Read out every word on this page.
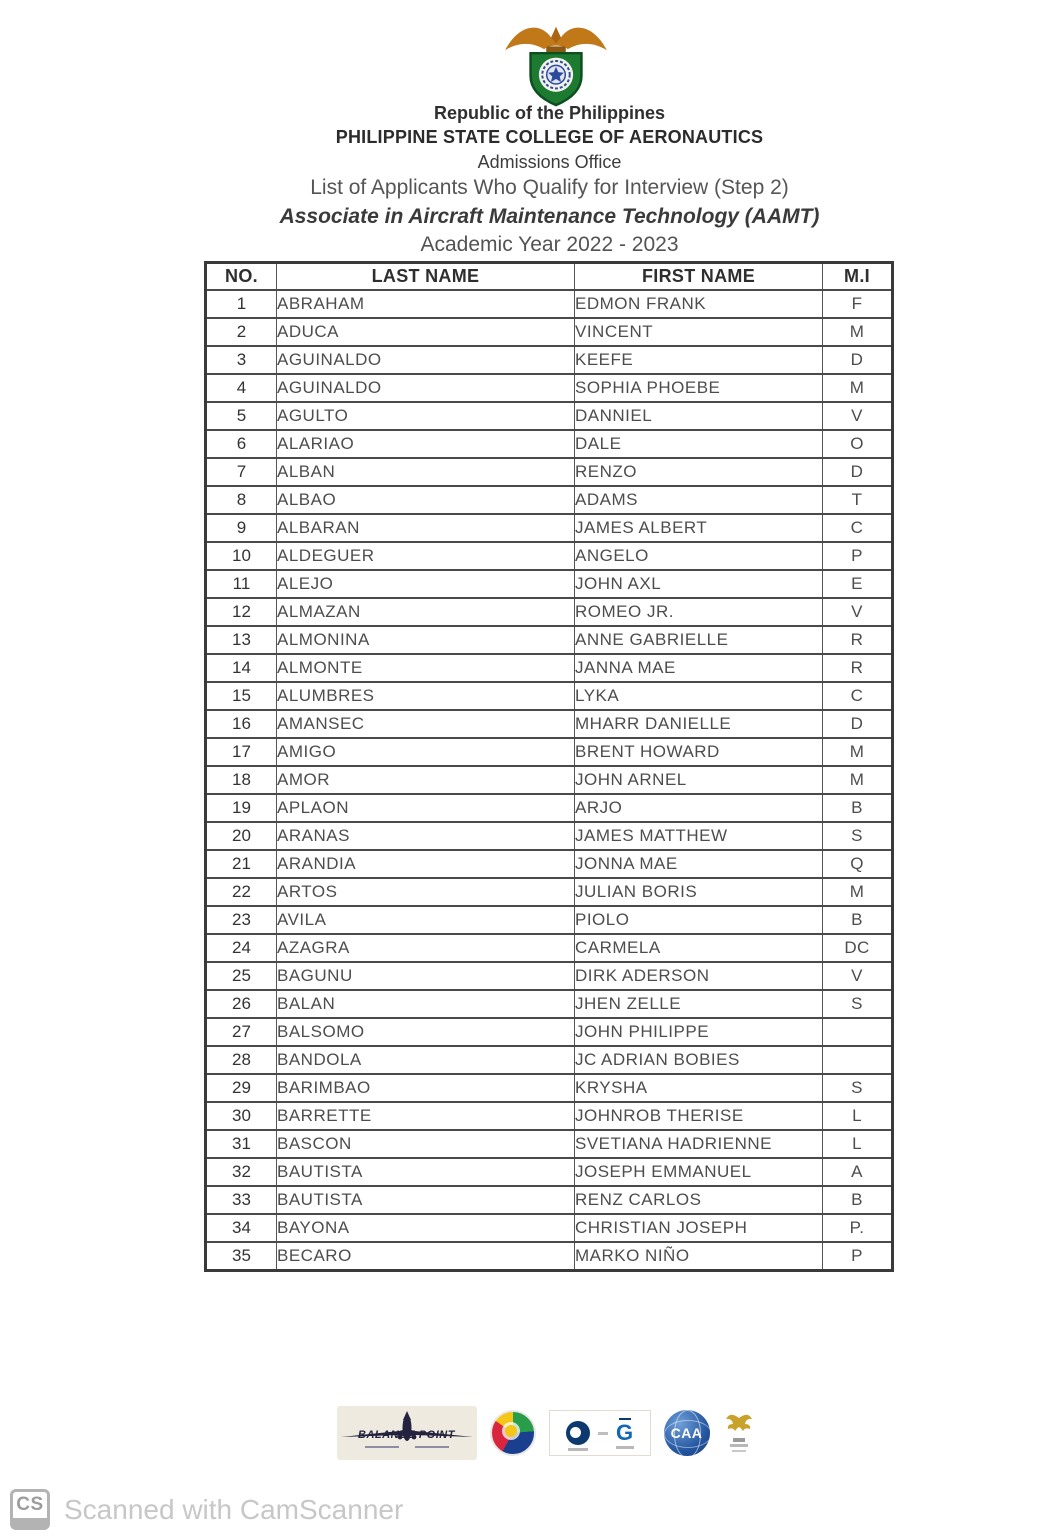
Republic of the Philippines
PHILIPPINE STATE COLLEGE OF AERONAUTICS
Admissions Office
List of Applicants Who Qualify for Interview (Step 2)
Associate in Aircraft Maintenance Technology (AAMT)
Academic Year 2022 - 2023
NO.	LAST NAME	FIRST NAME	M.I
1	ABRAHAM	EDMON FRANK	F
2	ADUCA	VINCENT	M
3	AGUINALDO	KEEFE	D
4	AGUINALDO	SOPHIA PHOEBE	M
5	AGULTO	DANNIEL	V
6	ALARIAO	DALE	O
7	ALBAN	RENZO	D
8	ALBAO	ADAMS	T
9	ALBARAN	JAMES ALBERT	C
10	ALDEGUER	ANGELO	P
11	ALEJO	JOHN AXL	E
12	ALMAZAN	ROMEO JR.	V
13	ALMONINA	ANNE GABRIELLE	R
14	ALMONTE	JANNA MAE	R
15	ALUMBRES	LYKA	C
16	AMANSEC	MHARR DANIELLE	D
17	AMIGO	BRENT HOWARD	M
18	AMOR	JOHN ARNEL	M
19	APLAON	ARJO	B
20	ARANAS	JAMES MATTHEW	S
21	ARANDIA	JONNA MAE	Q
22	ARTOS	JULIAN BORIS	M
23	AVILA	PIOLO	B
24	AZAGRA	CARMELA	DC
25	BAGUNU	DIRK ADERSON	V
26	BALAN	JHEN ZELLE	S
27	BALSOMO	JOHN PHILIPPE	
28	BANDOLA	JC ADRIAN BOBIES	
29	BARIMBAO	KRYSHA	S
30	BARRETTE	JOHNROB THERISE	L
31	BASCON	SVETIANA HADRIENNE	L
32	BAUTISTA	JOSEPH EMMANUEL	A
33	BAUTISTA	RENZ CARLOS	B
34	BAYONA	CHRISTIAN JOSEPH	P.
35	BECARO	MARKO NIÑO	P
BALANCE POINT	G	CAA
CS Scanned with CamScanner
